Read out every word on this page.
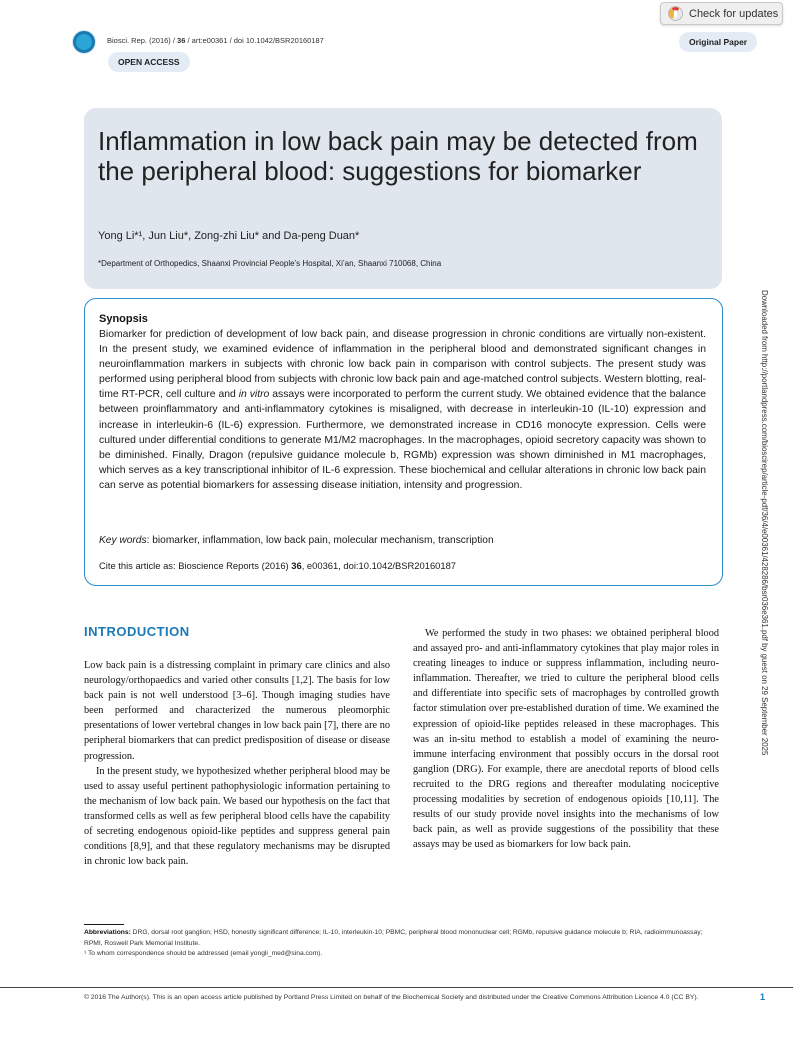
Biosci. Rep. (2016) / 36 / art:e00361 / doi 10.1042/BSR20160187
OPEN ACCESS
Check for updates
Original Paper
Inflammation in low back pain may be detected from the peripheral blood: suggestions for biomarker
Yong Li*¹, Jun Liu*, Zong-zhi Liu* and Da-peng Duan*
*Department of Orthopedics, Shaanxi Provincial People’s Hospital, Xi’an, Shaanxi 710068, China
Synopsis
Biomarker for prediction of development of low back pain, and disease progression in chronic conditions are virtually non-existent. In the present study, we examined evidence of inflammation in the peripheral blood and demonstrated significant changes in neuroinflammation markers in subjects with chronic low back pain in comparison with control subjects. The present study was performed using peripheral blood from subjects with chronic low back pain and age-matched control subjects. Western blotting, real-time RT-PCR, cell culture and in vitro assays were incorporated to perform the current study. We obtained evidence that the balance between proinflammatory and anti-inflammatory cytokines is misaligned, with decrease in interleukin-10 (IL-10) expression and increase in interleukin-6 (IL-6) expression. Furthermore, we demonstrated increase in CD16 monocyte expression. Cells were cultured under differential conditions to generate M1/M2 macrophages. In the macrophages, opioid secretory capacity was shown to be diminished. Finally, Dragon (repulsive guidance molecule b, RGMb) expression was shown diminished in M1 macrophages, which serves as a key transcriptional inhibitor of IL-6 expression. These biochemical and cellular alterations in chronic low back pain can serve as potential biomarkers for assessing disease initiation, intensity and progression.
Key words: biomarker, inflammation, low back pain, molecular mechanism, transcription
Cite this article as: Bioscience Reports (2016) 36, e00361, doi:10.1042/BSR20160187	Downloaded from http://portlandpress.com/bioscirep/article-pdf/36/4/e00361/428286/bsr036e361.pdf by guest on 29 September 2025
INTRODUCTION

Low back pain is a distressing complaint in primary care clinics and also neurology/orthopaedics and varied other consults [1,2]. The basis for low back pain is not well understood [3–6]. Though imaging studies have been performed and characterized the numerous pleomorphic presentations of lower vertebral changes in low back pain [7], there are no peripheral biomarkers that can predict predisposition of disease or disease progression.

In the present study, we hypothesized whether peripheral blood may be used to assay useful pertinent pathophysiologic information pertaining to the mechanism of low back pain. We based our hypothesis on the fact that transformed cells as well as few peripheral blood cells have the capability of secreting endogenous opioid-like peptides and suppress general pain conditions [8,9], and that these regulatory mechanisms may be disrupted in chronic low back pain.

We performed the study in two phases: we obtained peripheral blood and assayed pro- and anti-inflammatory cytokines that play major roles in creating lineages to induce or suppress inflammation, including neuro-inflammation. Thereafter, we tried to culture the peripheral blood cells and differentiate into specific sets of macrophages by controlled growth factor stimulation over pre-established duration of time. We examined the expression of opioid-like peptides released in these macrophages. This was an in-situ method to establish a model of examining the neuro-immune interfacing environment that possibly occurs in the dorsal root ganglion (DRG). For example, there are anecdotal reports of blood cells recruited to the DRG regions and thereafter modulating nociceptive processing modalities by secretion of endogenous opioids [10,11]. The results of our study provide novel insights into the mechanisms of low back pain, as well as provide suggestions of the possibility that these assays may be used as biomarkers for low back pain.

Abbreviations: DRG, dorsal root ganglion; HSD, honestly significant difference; IL-10, interleukin-10; PBMC, peripheral blood mononuclear cell; RGMb, repulsive guidance molecule b; RIA, radioimmunoassay; RPMI, Roswell Park Memorial Institute.
¹ To whom correspondence should be addressed (email yongli_med@sina.com).
© 2016 The Author(s). This is an open access article published by Portland Press Limited on behalf of the Biochemical Society and distributed under the Creative Commons Attribution Licence 4.0 (CC BY).	1
